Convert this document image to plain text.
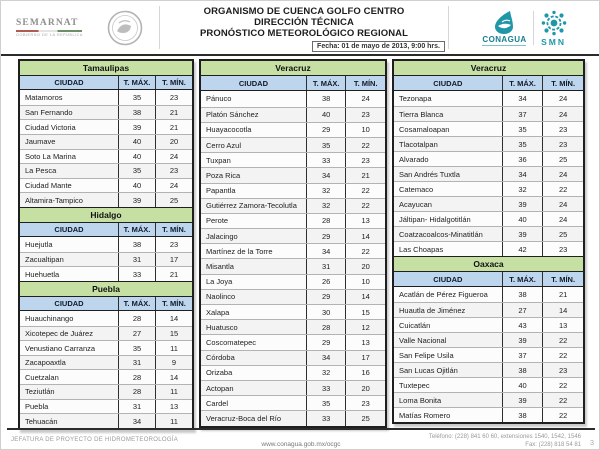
SEMARNAT
GOBIERNO DE LA REPÚBLICA
ORGANISMO DE CUENCA GOLFO CENTRO
DIRECCIÓN TÉCNICA
PRONÓSTICO METEOROLÓGICO REGIONAL
Fecha: 01 de mayo de 2013, 9:00 hrs.
CONAGUA SMN
Tamaulipas
CIUDAD	T. MÁX.	T. MÍN.
Matamoros	35	23
San Fernando	38	21
Ciudad Victoria	39	21
Jaumave	40	20
Soto La Marina	40	24
La Pesca	35	23
Ciudad Mante	40	24
Altamira-Tampico	39	25
Hidalgo
CIUDAD	T. MÁX.	T. MÍN.
Huejutla	38	23
Zacualtipan	31	17
Huehuetla	33	21
Puebla
CIUDAD	T. MÁX.	T. MÍN.
Huauchinango	28	14
Xicotepec de Juárez	27	15
Venustiano Carranza	35	11
Zacapoaxtla	31	9
Cuetzalan	28	14
Teziutlán	28	11
Puebla	31	13
Tehuacán	34	11
Veracruz
CIUDAD	T. MÁX.	T. MÍN.
Pánuco	38	24
Platón Sánchez	40	23
Huayacocotla	29	10
Cerro Azul	35	22
Tuxpan	33	23
Poza Rica	34	21
Papantla	32	22
Gutiérrez Zamora-Tecolutla	32	22
Perote	28	13
Jalacingo	29	14
Martínez de la Torre	34	22
Misantla	31	20
La Joya	26	10
Naolinco	29	14
Xalapa	30	15
Huatusco	28	12
Coscomatepec	29	13
Córdoba	34	17
Orizaba	32	16
Actopan	33	20
Cardel	35	23
Veracruz-Boca del Río	33	25
Veracruz
CIUDAD	T. MÁX.	T. MÍN.
Tezonapa	34	24
Tierra Blanca	37	24
Cosamaloapan	35	23
Tlacotalpan	35	23
Alvarado	36	25
San Andrés Tuxtla	34	24
Catemaco	32	22
Acayucan	39	24
Jáltipan- Hidalgotitlán	40	24
Coatzacoalcos-Minatitlán	39	25
Las Choapas	42	23
Oaxaca
CIUDAD	T. MÁX.	T. MÍN.
Acatlán de Pérez Figueroa	38	21
Huautla de Jiménez	27	14
Cuicatlán	43	13
Valle Nacional	39	22
San Felipe Usila	37	22
San Lucas Ojitlán	38	23
Tuxtepec	40	22
Loma Bonita	39	22
Matías Romero	38	22
JEFATURA DE PROYECTO DE HIDROMETEOROLOGÍA
www.conagua.gob.mx/ocgc
Teléfono: (228) 841 60 60, extensiones 1540, 1542, 1546
Fax: (228) 818 54 81 3
